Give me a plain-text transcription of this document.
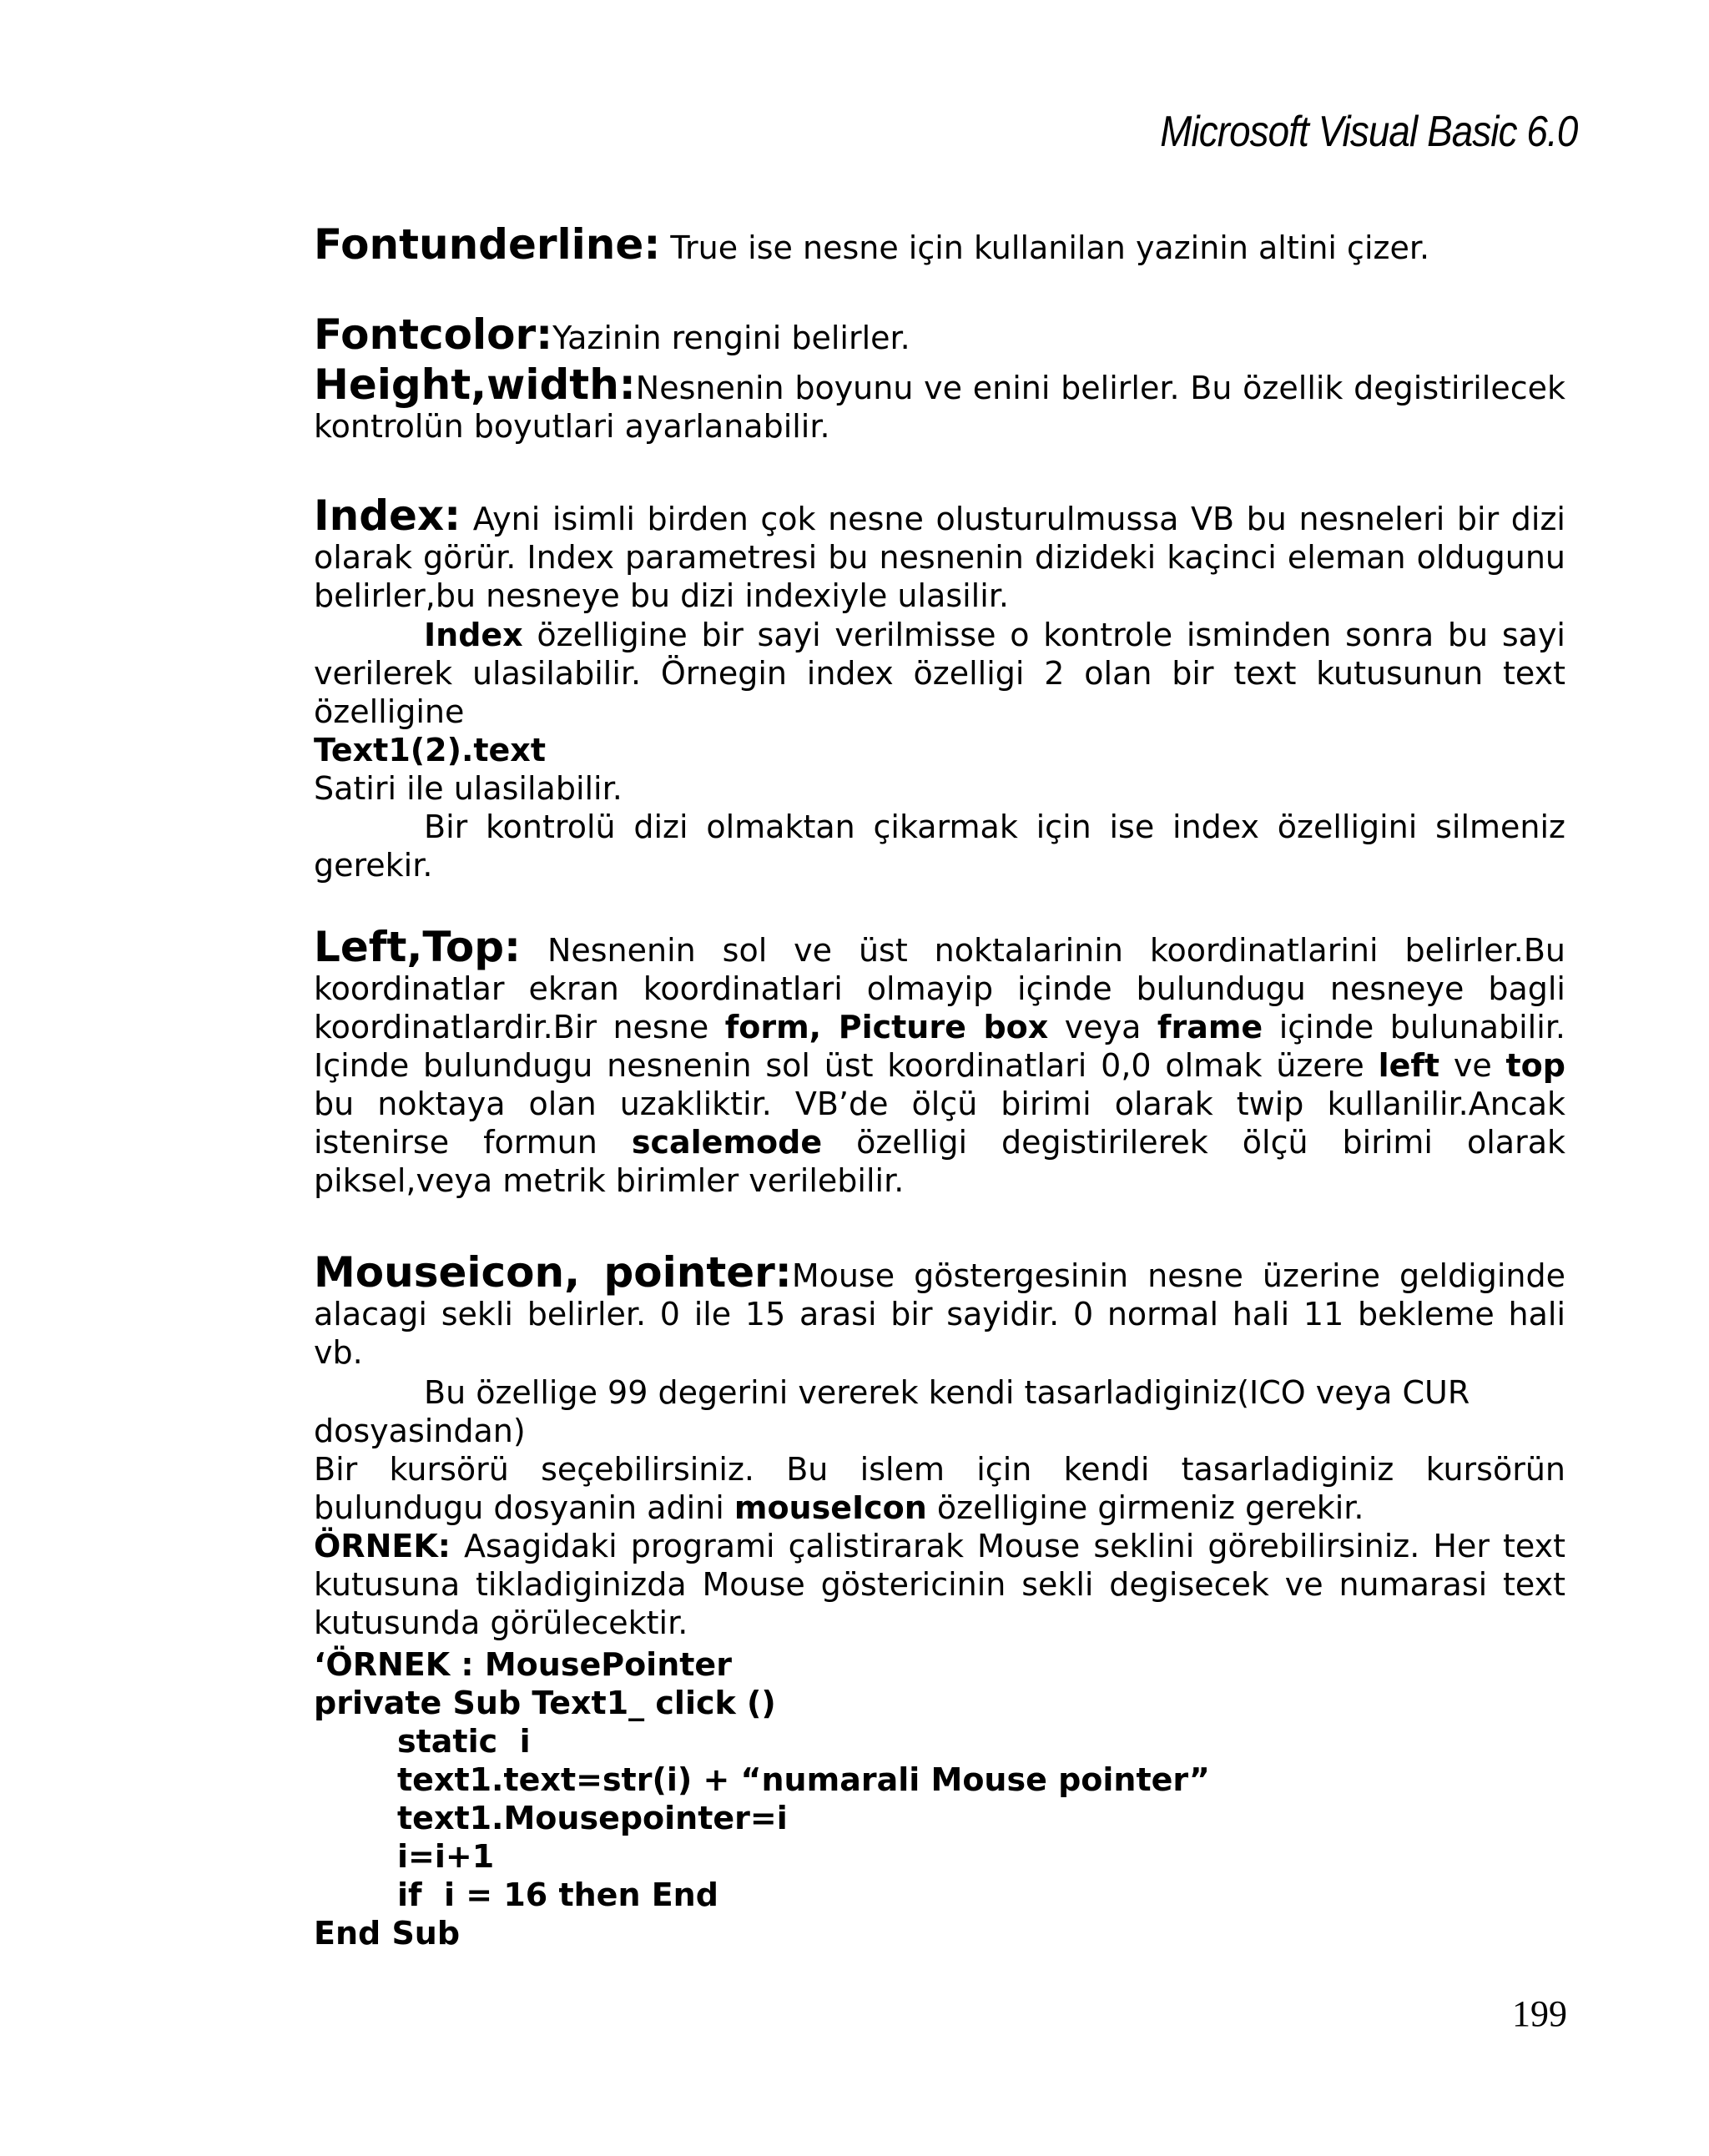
Microsoft Visual Basic 6.0

Fontunderline: True ise nesne için kullanilan yazinin altini çizer.

Fontcolor:Yazinin rengini belirler.

Height,width:Nesnenin boyunu ve enini belirler. Bu özellik degistirilecek kontrolün boyutlari ayarlanabilir.

Index: Ayni isimli birden çok nesne olusturulmussa VB bu nesneleri bir dizi olarak görür. Index parametresi bu nesnenin dizideki kaçinci eleman oldugunu belirler,bu nesneye bu dizi indexiyle ulasilir.

Index özelligine bir sayi verilmisse o kontrole isminden sonra bu sayi verilerek ulasilabilir. Örnegin index özelligi 2 olan bir text kutusunun text özelligine

Text1(2).text

Satiri ile ulasilabilir.

Bir kontrolü dizi olmaktan çikarmak için ise index özelligini silmeniz gerekir.

Left,Top: Nesnenin sol ve üst noktalarinin koordinatlarini belirler.Bu koordinatlar ekran koordinatlari olmayip içinde bulundugu nesneye bagli koordinatlardir.Bir nesne form, Picture box veya frame içinde bulunabilir. Içinde bulundugu nesnenin sol üst koordinatlari 0,0 olmak üzere left ve top bu noktaya olan uzakliktir. VB’de ölçü birimi olarak twip kullanilir.Ancak istenirse formun scalemode özelligi degistirilerek ölçü birimi olarak piksel,veya metrik birimler verilebilir.

Mouseicon, pointer:Mouse göstergesinin nesne üzerine geldiginde alacagi sekli belirler. 0 ile 15 arasi bir sayidir. 0 normal hali 11 bekleme hali vb.

Bu özellige 99 degerini vererek kendi tasarladiginiz(ICO veya CUR dosyasindan)

Bir kursörü seçebilirsiniz. Bu islem için kendi tasarladiginiz kursörün bulundugu dosyanin adini mouseIcon özelligine girmeniz gerekir.

ÖRNEK: Asagidaki programi çalistirarak Mouse seklini görebilirsiniz. Her text kutusuna tikladiginizda Mouse göstericinin sekli degisecek ve numarasi text kutusunda görülecektir.

‘ÖRNEK : MousePointer

private Sub Text1_ click ()

static  i

text1.text=str(i) + “numarali Mouse pointer”

text1.Mousepointer=i

i=i+1

if  i = 16 then End

End Sub

199
